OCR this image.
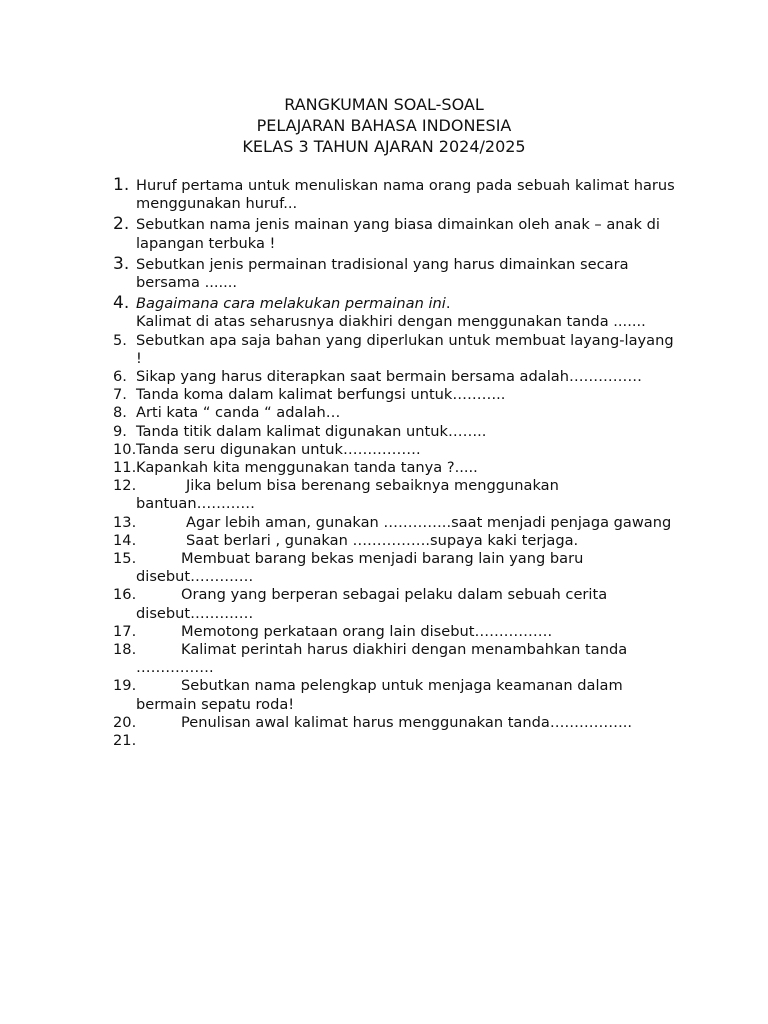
RANGKUMAN SOAL-SOAL
PELAJARAN BAHASA INDONESIA
KELAS 3 TAHUN AJARAN 2024/2025
1. Huruf pertama untuk menuliskan nama orang pada sebuah kalimat harus menggunakan huruf...
2. Sebutkan nama jenis mainan yang biasa dimainkan oleh anak – anak di lapangan terbuka !
3. Sebutkan jenis permainan tradisional yang harus dimainkan secara bersama .......
4. Bagaimana cara melakukan permainan ini.
Kalimat di atas seharusnya diakhiri dengan menggunakan tanda .......
5. Sebutkan apa saja bahan yang diperlukan untuk membuat layang-layang !
6. Sikap yang harus diterapkan saat bermain bersama adalah……………
7. Tanda koma dalam kalimat berfungsi untuk………..
8. Arti kata “ canda “ adalah…
9. Tanda titik dalam kalimat digunakan untuk……..
10. Tanda seru digunakan untuk…………….
11. Kapankah kita menggunakan tanda tanya ?.....
12.	Jika belum bisa berenang sebaiknya menggunakan bantuan…………
13.	Agar lebih aman, gunakan …………..saat menjadi penjaga gawang
14.	Saat berlari , gunakan …………….supaya kaki terjaga.
15.	Membuat barang bekas menjadi barang lain yang baru disebut………….
16.	Orang yang berperan sebagai pelaku dalam sebuah cerita disebut………….
17.	Memotong perkataan orang lain disebut…………….
18.	Kalimat perintah harus diakhiri dengan menambahkan tanda …………….
19.	Sebutkan nama pelengkap untuk menjaga keamanan dalam bermain sepatu roda!
20.	Penulisan awal kalimat harus menggunakan tanda……………..
21.
